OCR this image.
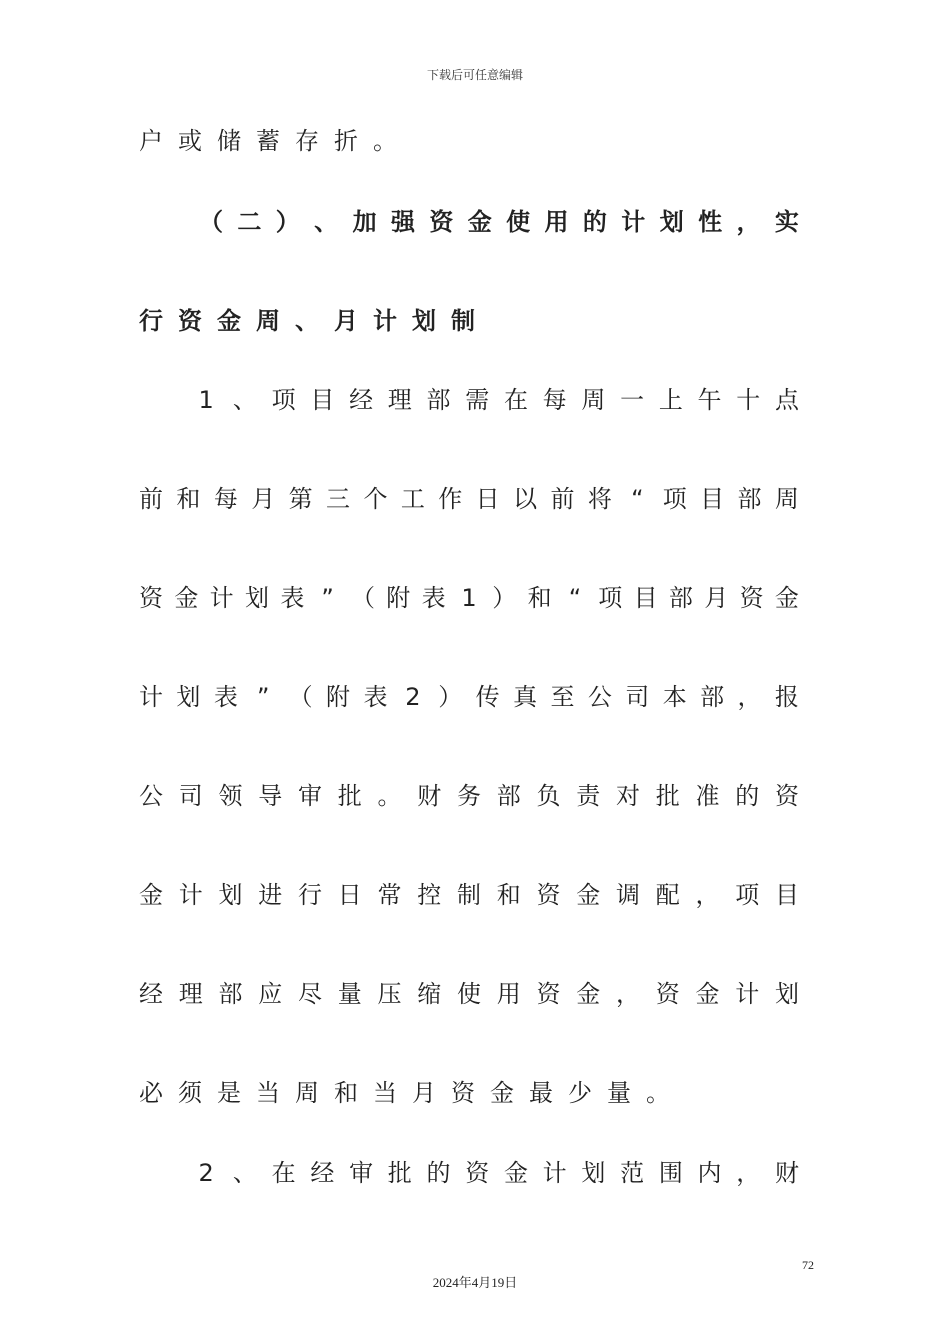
下载后可任意编辑
户 或 储 蓄 存 折 。
（ 二 ） 、 加 强 资 金 使 用 的 计 划 性 ， 实
行 资 金 周 、 月 计 划 制
1 、 项 目 经 理 部 需 在 每 周 一 上 午 十 点
前 和 每 月 第 三 个 工 作 日 以 前 将 “ 项 目 部 周
资 金 计 划 表 ” （ 附 表 1 ） 和 “ 项 目 部 月 资 金
计 划 表 ” （ 附 表 2 ） 传 真 至 公 司 本 部 ， 报
公 司 领 导 审 批 。 财 务 部 负 责 对 批 准 的 资
金 计 划 进 行 日 常 控 制 和 资 金 调 配 ， 项 目
经 理 部 应 尽 量 压 缩 使 用 资 金 ， 资 金 计 划
必 须 是 当 周 和 当 月 资 金 最 少 量 。
2 、 在 经 审 批 的 资 金 计 划 范 围 内 ， 财
72
2024年4月19日
